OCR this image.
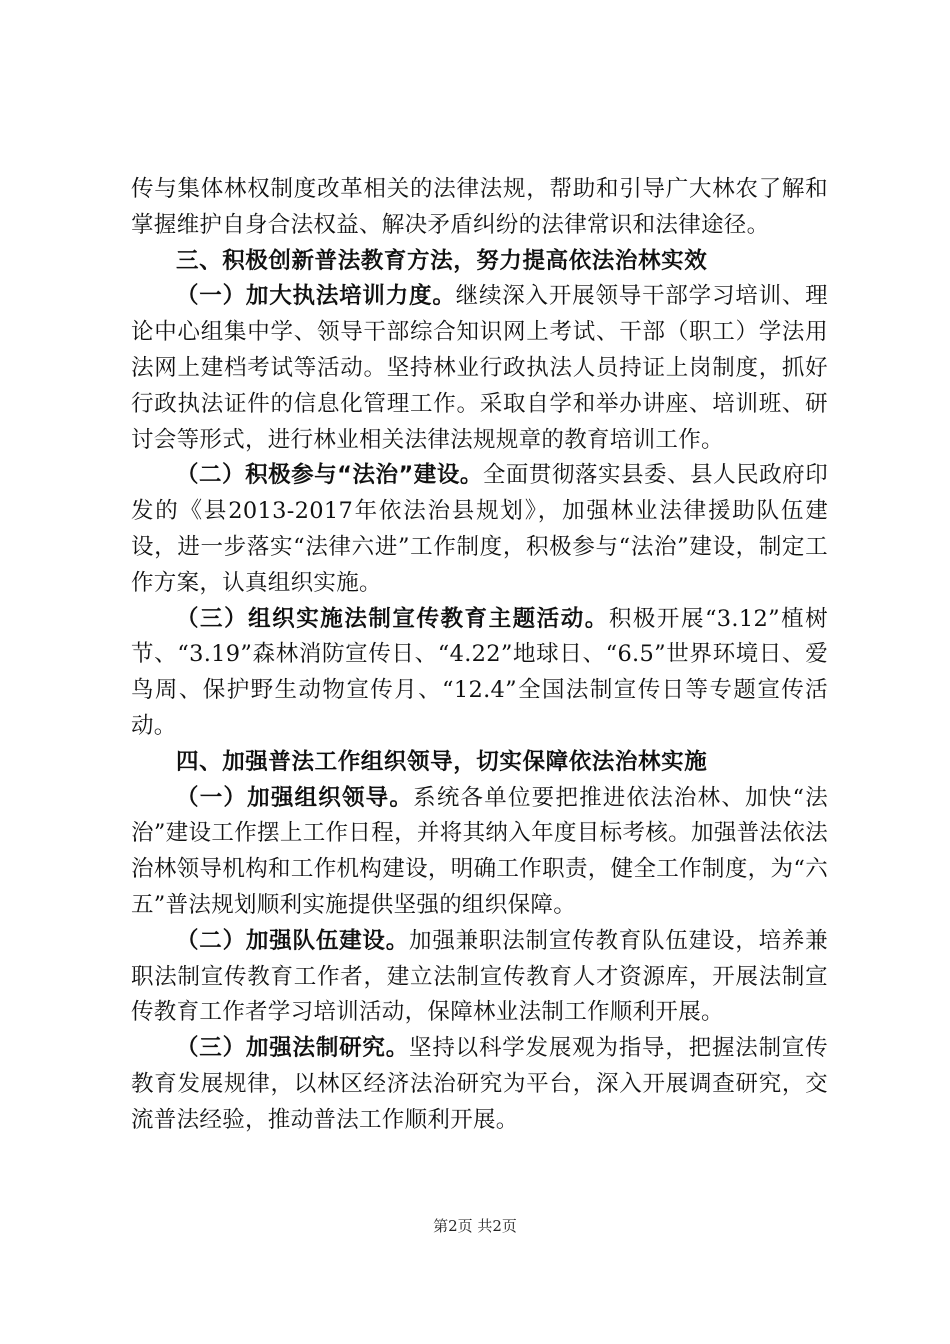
传与集体林权制度改革相关的法律法规，帮助和引导广大林农了解和掌握维护自身合法权益、解决矛盾纠纷的法律常识和法律途径。

三、积极创新普法教育方法，努力提高依法治林实效

（一）加大执法培训力度。继续深入开展领导干部学习培训、理论中心组集中学、领导干部综合知识网上考试、干部（职工）学法用法网上建档考试等活动。坚持林业行政执法人员持证上岗制度，抓好行政执法证件的信息化管理工作。采取自学和举办讲座、培训班、研讨会等形式，进行林业相关法律法规规章的教育培训工作。

（二）积极参与“法治”建设。全面贯彻落实县委、县人民政府印发的《县2013-2017年依法治县规划》，加强林业法律援助队伍建设，进一步落实“法律六进”工作制度，积极参与“法治”建设，制定工作方案，认真组织实施。

（三）组织实施法制宣传教育主题活动。积极开展“3.12”植树节、“3.19”森林消防宣传日、“4.22”地球日、“6.5”世界环境日、爱鸟周、保护野生动物宣传月、“12.4”全国法制宣传日等专题宣传活动。

四、加强普法工作组织领导，切实保障依法治林实施

（一）加强组织领导。系统各单位要把推进依法治林、加快“法治”建设工作摆上工作日程，并将其纳入年度目标考核。加强普法依法治林领导机构和工作机构建设，明确工作职责，健全工作制度，为“六五”普法规划顺利实施提供坚强的组织保障。

（二）加强队伍建设。加强兼职法制宣传教育队伍建设，培养兼职法制宣传教育工作者，建立法制宣传教育人才资源库，开展法制宣传教育工作者学习培训活动，保障林业法制工作顺利开展。

（三）加强法制研究。坚持以科学发展观为指导，把握法制宣传教育发展规律，以林区经济法治研究为平台，深入开展调查研究，交流普法经验，推动普法工作顺利开展。

第2页 共2页
